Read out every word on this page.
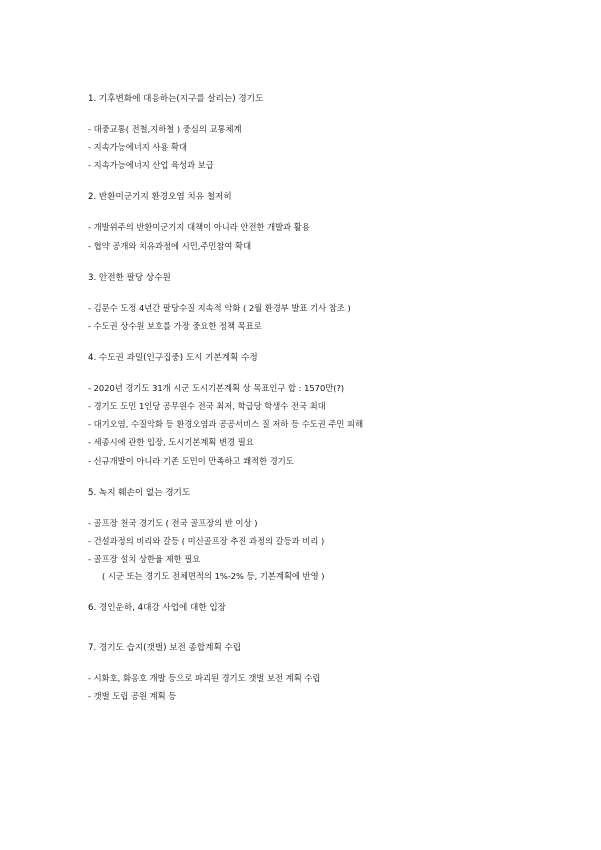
1. 기후변화에 대응하는(지구를 살리는) 경기도

- 대중교통( 전철,지하철 ) 중심의 교통체계
- 지속가능에너지 사용 확대
- 지속가능에너지 산업 육성과 보급

2. 반환미군기지 환경오염 치유 철저히

- 개발위주의 반환미군기지 대책이 아니라 안전한 개발과 활용
- 협약 공개와 치유과정에 시민,주민참여 확대

3. 안전한 팔당 상수원

- 김문수 도정 4년간 팔당수질 지속적 악화 ( 2월 환경부 발표 기사 참조 )
- 수도권 상수원 보호를 가장 중요한 정책 목표로

4. 수도권 과밀(인구집중) 도시 기본계획 수정

- 2020년 경기도 31개 시군 도시기본계획 상 목표인구 합 : 1570만(?)
- 경기도 도민 1인당 공무원수 전국 최저, 학급당 학생수 전국 최대
- 대기오염, 수질악화 등 환경오염과 공공서비스 질 저하 등 수도권 주민 피해
- 세종시에 관한 입장, 도시기본계획 변경 필요
- 신규개발이 아니라 기존 도민이 만족하고 쾌적한 경기도

5. 녹지 훼손이 없는 경기도

- 골프장 천국 경기도 ( 전국 골프장의 반 이상 )
- 건설과정의 비리와 갈등 ( 미신골프장 추진 과정의 갈등과 비리 )
- 골프장 설치 상한율 제한 필요

( 시군 또는 경기도 전체면적의 1%-2% 등, 기본계획에 반영 )

6. 경인운하, 4대강 사업에 대한 입장

7. 경기도 습지(갯벌) 보전 종합계획 수립

- 시화호, 화옹호 개발 등으로 파괴된 경기도 갯벌 보전 계획 수립
- 갯벌 도립 공원 계획 등
